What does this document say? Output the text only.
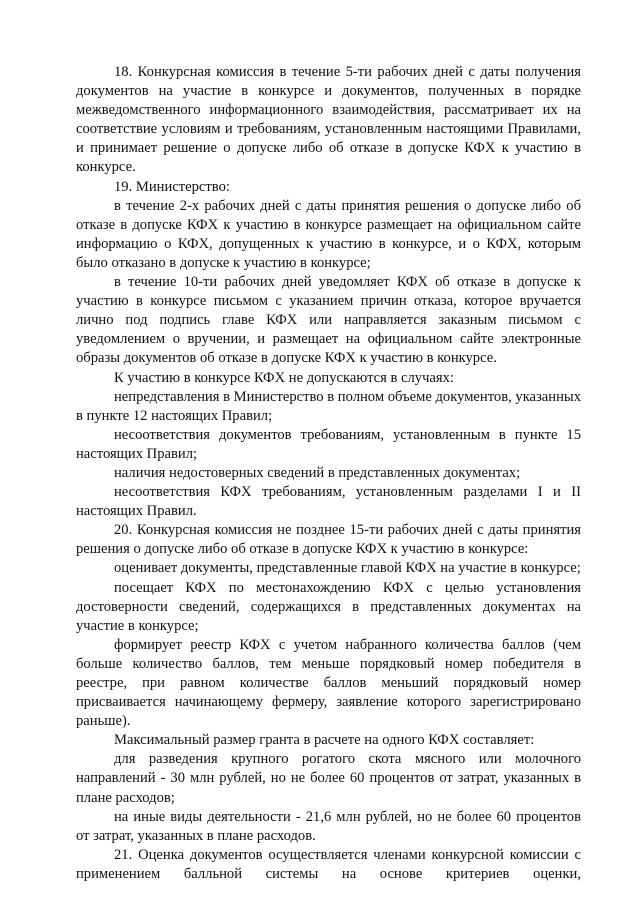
18. Конкурсная комиссия в течение 5-ти рабочих дней с даты получения документов на участие в конкурсе и документов, полученных в порядке межведомственного информационного взаимодействия, рассматривает их на соответствие условиям и требованиям, установленным настоящими Правилами, и принимает решение о допуске либо об отказе в допуске КФХ к участию в конкурсе.

19. Министерство:

в течение 2-х рабочих дней с даты принятия решения о допуске либо об отказе в допуске КФХ к участию в конкурсе размещает на официальном сайте информацию о КФХ, допущенных к участию в конкурсе, и о КФХ, которым было отказано в допуске к участию в конкурсе;

в течение 10-ти рабочих дней уведомляет КФХ об отказе в допуске к участию в конкурсе письмом с указанием причин отказа, которое вручается лично под подпись главе КФХ или направляется заказным письмом с уведомлением о вручении, и размещает на официальном сайте электронные образы документов об отказе в допуске КФХ к участию в конкурсе.

К участию в конкурсе КФХ не допускаются в случаях:

непредставления в Министерство в полном объеме документов, указанных в пункте 12 настоящих Правил;

несоответствия документов требованиям, установленным в пункте 15 настоящих Правил;

наличия недостоверных сведений в представленных документах;

несоответствия КФХ требованиям, установленным разделами I и II настоящих Правил.

20. Конкурсная комиссия не позднее 15-ти рабочих дней с даты принятия решения о допуске либо об отказе в допуске КФХ к участию в конкурсе:

оценивает документы, представленные главой КФХ на участие в конкурсе;

посещает КФХ по местонахождению КФХ с целью установления достоверности сведений, содержащихся в представленных документах на участие в конкурсе;

формирует реестр КФХ с учетом набранного количества баллов (чем больше количество баллов, тем меньше порядковый номер победителя в реестре, при равном количестве баллов меньший порядковый номер присваивается начинающему фермеру, заявление которого зарегистрировано раньше).

Максимальный размер гранта в расчете на одного КФХ составляет:

для разведения крупного рогатого скота мясного или молочного направлений - 30 млн рублей, но не более 60 процентов от затрат, указанных в плане расходов;

на иные виды деятельности - 21,6 млн рублей, но не более 60 процентов от затрат, указанных в плане расходов.

21. Оценка документов осуществляется членами конкурсной комиссии с применением балльной системы на основе критериев оценки,
